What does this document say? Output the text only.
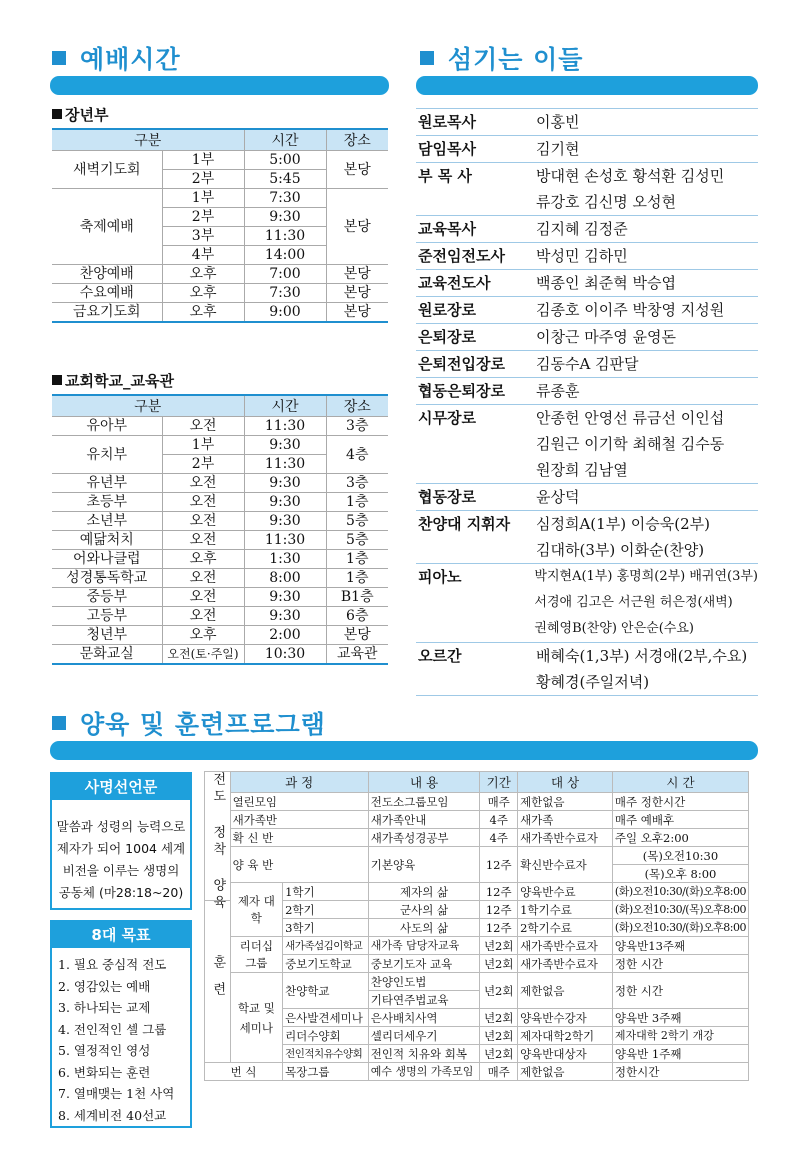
예배시간
장년부
구분		시간	장소
새벽기도회	1부	5:00	본당
	2부	5:45	
축제예배	1부	7:30	본당
	2부	9:30	
	3부	11:30	
	4부	14:00	
찬양예배	오후	7:00	본당
수요예배	오후	7:30	본당
금요기도회	오후	9:00	본당
교회학교_교육관
구분		시간	장소
유아부	오전	11:30	3층
유치부	1부	9:30	4층
	2부	11:30	
유년부	오전	9:30	3층
초등부	오전	9:30	1층
소년부	오전	9:30	5층
예닮처치	오전	11:30	5층
어와나클럽	오후	1:30	1층
성경통독학교	오전	8:00	1층
중등부	오전	9:30	B1층
고등부	오전	9:30	6층
청년부	오후	2:00	본당
문화교실	오전(토·주일)	10:30	교육관
섬기는 이들
원로목사	이홍빈
담임목사	김기현
부 목 사	방대현 손성호 황석환 김성민
류강호 김신명 오성현
교육목사	김지혜 김정준
준전임전도사	박성민 김하민
교육전도사	백종인 최준혁 박승엽
원로장로	김종호 이이주 박창영 지성원
은퇴장로	이창근 마주영 윤영돈
은퇴전입장로	김동수A 김판달
협동은퇴장로	류종훈
시무장로	안종헌 안영선 류금선 이인섭
김원근 이기학 최해철 김수동
원장희 김남열
협동장로	윤상덕
찬양대 지휘자	심정희A(1부) 이승욱(2부)
김대하(3부) 이화순(찬양)
피아노	박지현A(1부) 홍명희(2부) 배귀연(3부)
서경애 김고은 서근원 허은정(새벽)
권혜영B(찬양) 안은순(수요)
오르간	배혜숙(1,3부) 서경애(2부,수요)
황혜경(주일저녁)
양육 및 훈련프로그램
사명선언문
말씀과 성령의 능력으로 제자가 되어 1004 세계 비전을 이루는 생명의 공동체 (마28:18~20)
8대 목표
1. 필요 중심적 전도
2. 영감있는 예배
3. 하나되는 교제
4. 전인적인 셀 그룹
5. 열정적인 영성
6. 변화되는 훈련
7. 열매맺는 1천 사역
8. 세계비전 40선교
전도 정착 양육	과 정		내 용	기간	대 상	시 간
	열린모임		전도소그룹모임	매주	제한없음	매주 정한시간
	새가족반		새가족안내	4주	새가족	매주 예배후
	확 신 반		새가족성경공부	4주	새가족반수료자	주일 오후2:00
	양 육 반		기본양육	12주	확신반수료자	(목)오전10:30
						(목)오후 8:00
	제자 대학	1학기	제자의 삶	12주	양육반수료	(화)오전10:30/(화)오후8:00
훈련		2학기	군사의 삶	12주	1학기수료	(화)오전10:30/(목)오후8:00
		3학기	사도의 삶	12주	2학기수료	(화)오전10:30/(화)오후8:00
	리더십 그룹	새가족섬김이학교	새가족 담당자교육	년2회	새가족반수료자	양육반13주째
		중보기도학교	중보기도자 교육	년2회	새가족반수료자	정한 시간
	학교 및 세미나	찬양학교	찬양인도법	년2회	제한없음	정한 시간
			기타연주법교육			
		은사발견세미나	은사배치사역	년2회	양육반수강자	양육반 3주째
		리더수양회	셀리더세우기	년2회	제자대학2학기	제자대학 2학기 개강
		전인적치유수양회	전인적 치유와 회복	년2회	양육반대상자	양육반 1주째
번 식		목장그룹	예수 생명의 가족모임	매주	제한없음	정한시간
